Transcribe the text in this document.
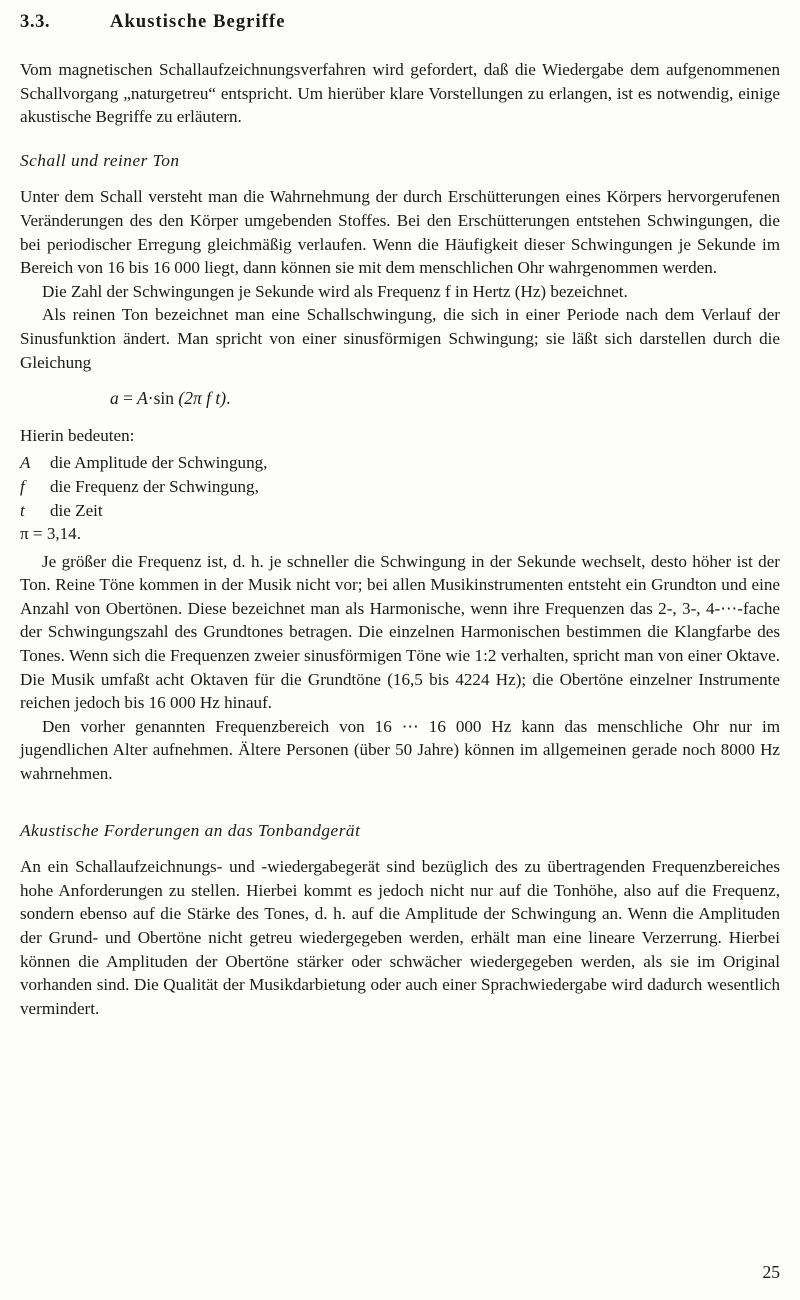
3.3.	Akustische Begriffe

Vom magnetischen Schallaufzeichnungsverfahren wird gefordert, daß die Wiedergabe dem aufgenommenen Schallvorgang „naturgetreu“ entspricht. Um hierüber klare Vorstellungen zu erlangen, ist es notwendig, einige akustische Begriffe zu erläutern.

Schall und reiner Ton

Unter dem Schall versteht man die Wahrnehmung der durch Erschütterungen eines Körpers hervorgerufenen Veränderungen des den Körper umgebenden Stoffes. Bei den Erschütterungen entstehen Schwingungen, die bei periodischer Erregung gleichmäßig verlaufen. Wenn die Häufigkeit dieser Schwingungen je Sekunde im Bereich von 16 bis 16 000 liegt, dann können sie mit dem menschlichen Ohr wahrgenommen werden.

Die Zahl der Schwingungen je Sekunde wird als Frequenz f in Hertz (Hz) bezeichnet.

Als reinen Ton bezeichnet man eine Schallschwingung, die sich in einer Periode nach dem Verlauf der Sinusfunktion ändert. Man spricht von einer sinusförmigen Schwingung; sie läßt sich darstellen durch die Gleichung

a = A·sin (2π f t).
Hierin bedeuten:
A	die Amplitude der Schwingung,
f	die Frequenz der Schwingung,
t	die Zeit
π = 3,14.

Je größer die Frequenz ist, d. h. je schneller die Schwingung in der Sekunde wechselt, desto höher ist der Ton. Reine Töne kommen in der Musik nicht vor; bei allen Musikinstrumenten entsteht ein Grundton und eine Anzahl von Obertönen. Diese bezeichnet man als Harmonische, wenn ihre Frequenzen das 2-, 3-, 4-⋯-fache der Schwingungszahl des Grundtones betragen. Die einzelnen Harmonischen bestimmen die Klangfarbe des Tones. Wenn sich die Frequenzen zweier sinusförmigen Töne wie 1:2 verhalten, spricht man von einer Oktave. Die Musik umfaßt acht Oktaven für die Grundtöne (16,5 bis 4224 Hz); die Obertöne einzelner Instrumente reichen jedoch bis 16 000 Hz hinauf.

Den vorher genannten Frequenzbereich von 16 ⋯ 16 000 Hz kann das menschliche Ohr nur im jugendlichen Alter aufnehmen. Ältere Personen (über 50 Jahre) können im allgemeinen gerade noch 8000 Hz wahrnehmen.

Akustische Forderungen an das Tonbandgerät

An ein Schallaufzeichnungs- und -wiedergabegerät sind bezüglich des zu übertragenden Frequenzbereiches hohe Anforderungen zu stellen. Hierbei kommt es jedoch nicht nur auf die Tonhöhe, also auf die Frequenz, sondern ebenso auf die Stärke des Tones, d. h. auf die Amplitude der Schwingung an. Wenn die Amplituden der Grund- und Obertöne nicht getreu wiedergegeben werden, erhält man eine lineare Verzerrung. Hierbei können die Amplituden der Obertöne stärker oder schwächer wiedergegeben werden, als sie im Original vorhanden sind. Die Qualität der Musikdarbietung oder auch einer Sprachwiedergabe wird dadurch wesentlich vermindert.

25
